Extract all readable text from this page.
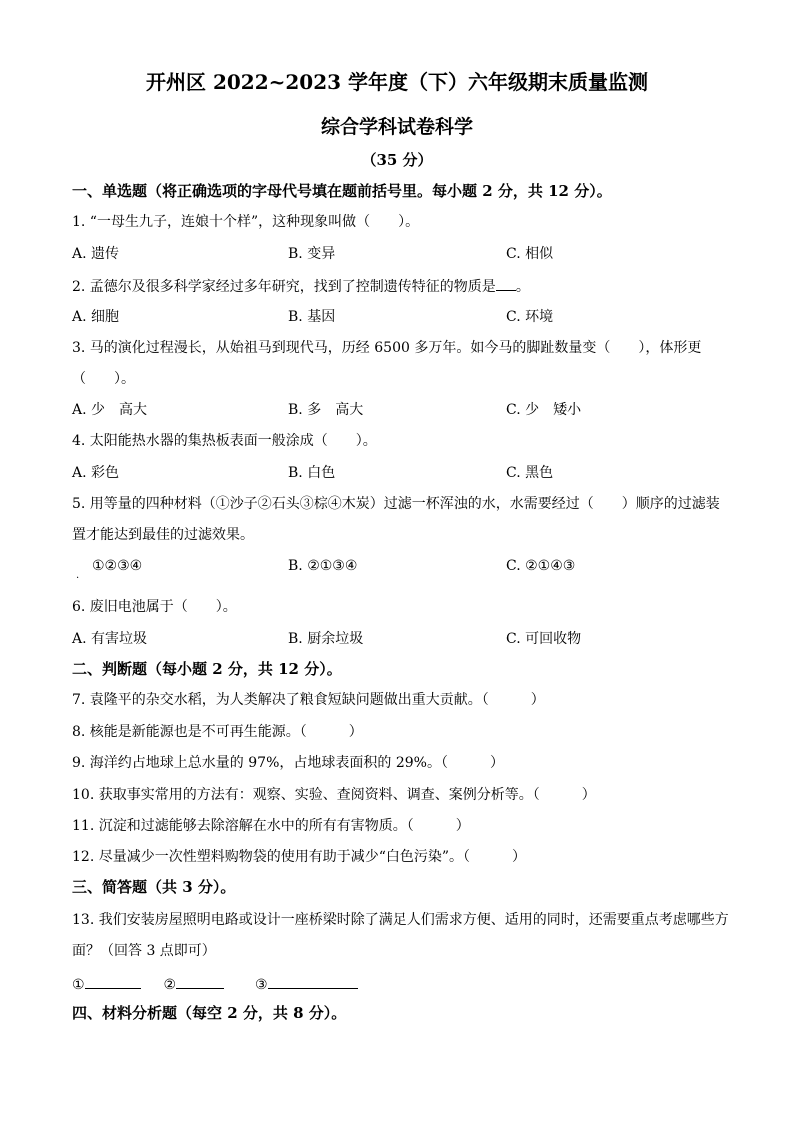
开州区 2022~2023 学年度（下）六年级期末质量监测
综合学科试卷科学
（35 分）
一、单选题（将正确选项的字母代号填在题前括号里。每小题 2 分，共 12 分）。
1. “一母生九子，连娘十个样”，这种现象叫做（　　）。
A. 遗传	B. 变异	C. 相似
2. 孟德尔及很多科学家经过多年研究，找到了控制遗传特征的物质是 。
A. 细胞	B. 基因	C. 环境
3. 马的演化过程漫长，从始祖马到现代马，历经 6500 多万年。如今马的脚趾数量变（　　），体形更
（　　）。
A. 少　高大	B. 多　高大	C. 少　矮小
4. 太阳能热水器的集热板表面一般涂成（　　）。
A. 彩色	B. 白色	C. 黑色
5. 用等量的四种材料（①沙子②石头③棕④木炭）过滤一杯浑浊的水，水需要经过（　　）顺序的过滤装
置才能达到最佳的过滤效果。
.
①②③④	B. ②①③④	C. ②①④③
6. 废旧电池属于（　　）。
A. 有害垃圾	B. 厨余垃圾	C. 可回收物
二、判断题（每小题 2 分，共 12 分）。
7. 袁隆平的杂交水稻，为人类解决了粮食短缺问题做出重大贡献。（　　　）
8. 核能是新能源也是不可再生能源。（　　　）
9. 海洋约占地球上总水量的 97%，占地球表面积的 29%。（　　　）
10. 获取事实常用的方法有：观察、实验、查阅资料、调查、案例分析等。（　　　）
11. 沉淀和过滤能够去除溶解在水中的所有有害物质。（　　　）
12. 尽量减少一次性塑料购物袋的使用有助于减少“白色污染”。（　　　）
三、简答题（共 3 分）。
13. 我们安装房屋照明电路或设计一座桥梁时除了满足人们需求方便、适用的同时，还需要重点考虑哪些方
面？（回答 3 点即可）
①	②	③
四、材料分析题（每空 2 分，共 8 分）。
